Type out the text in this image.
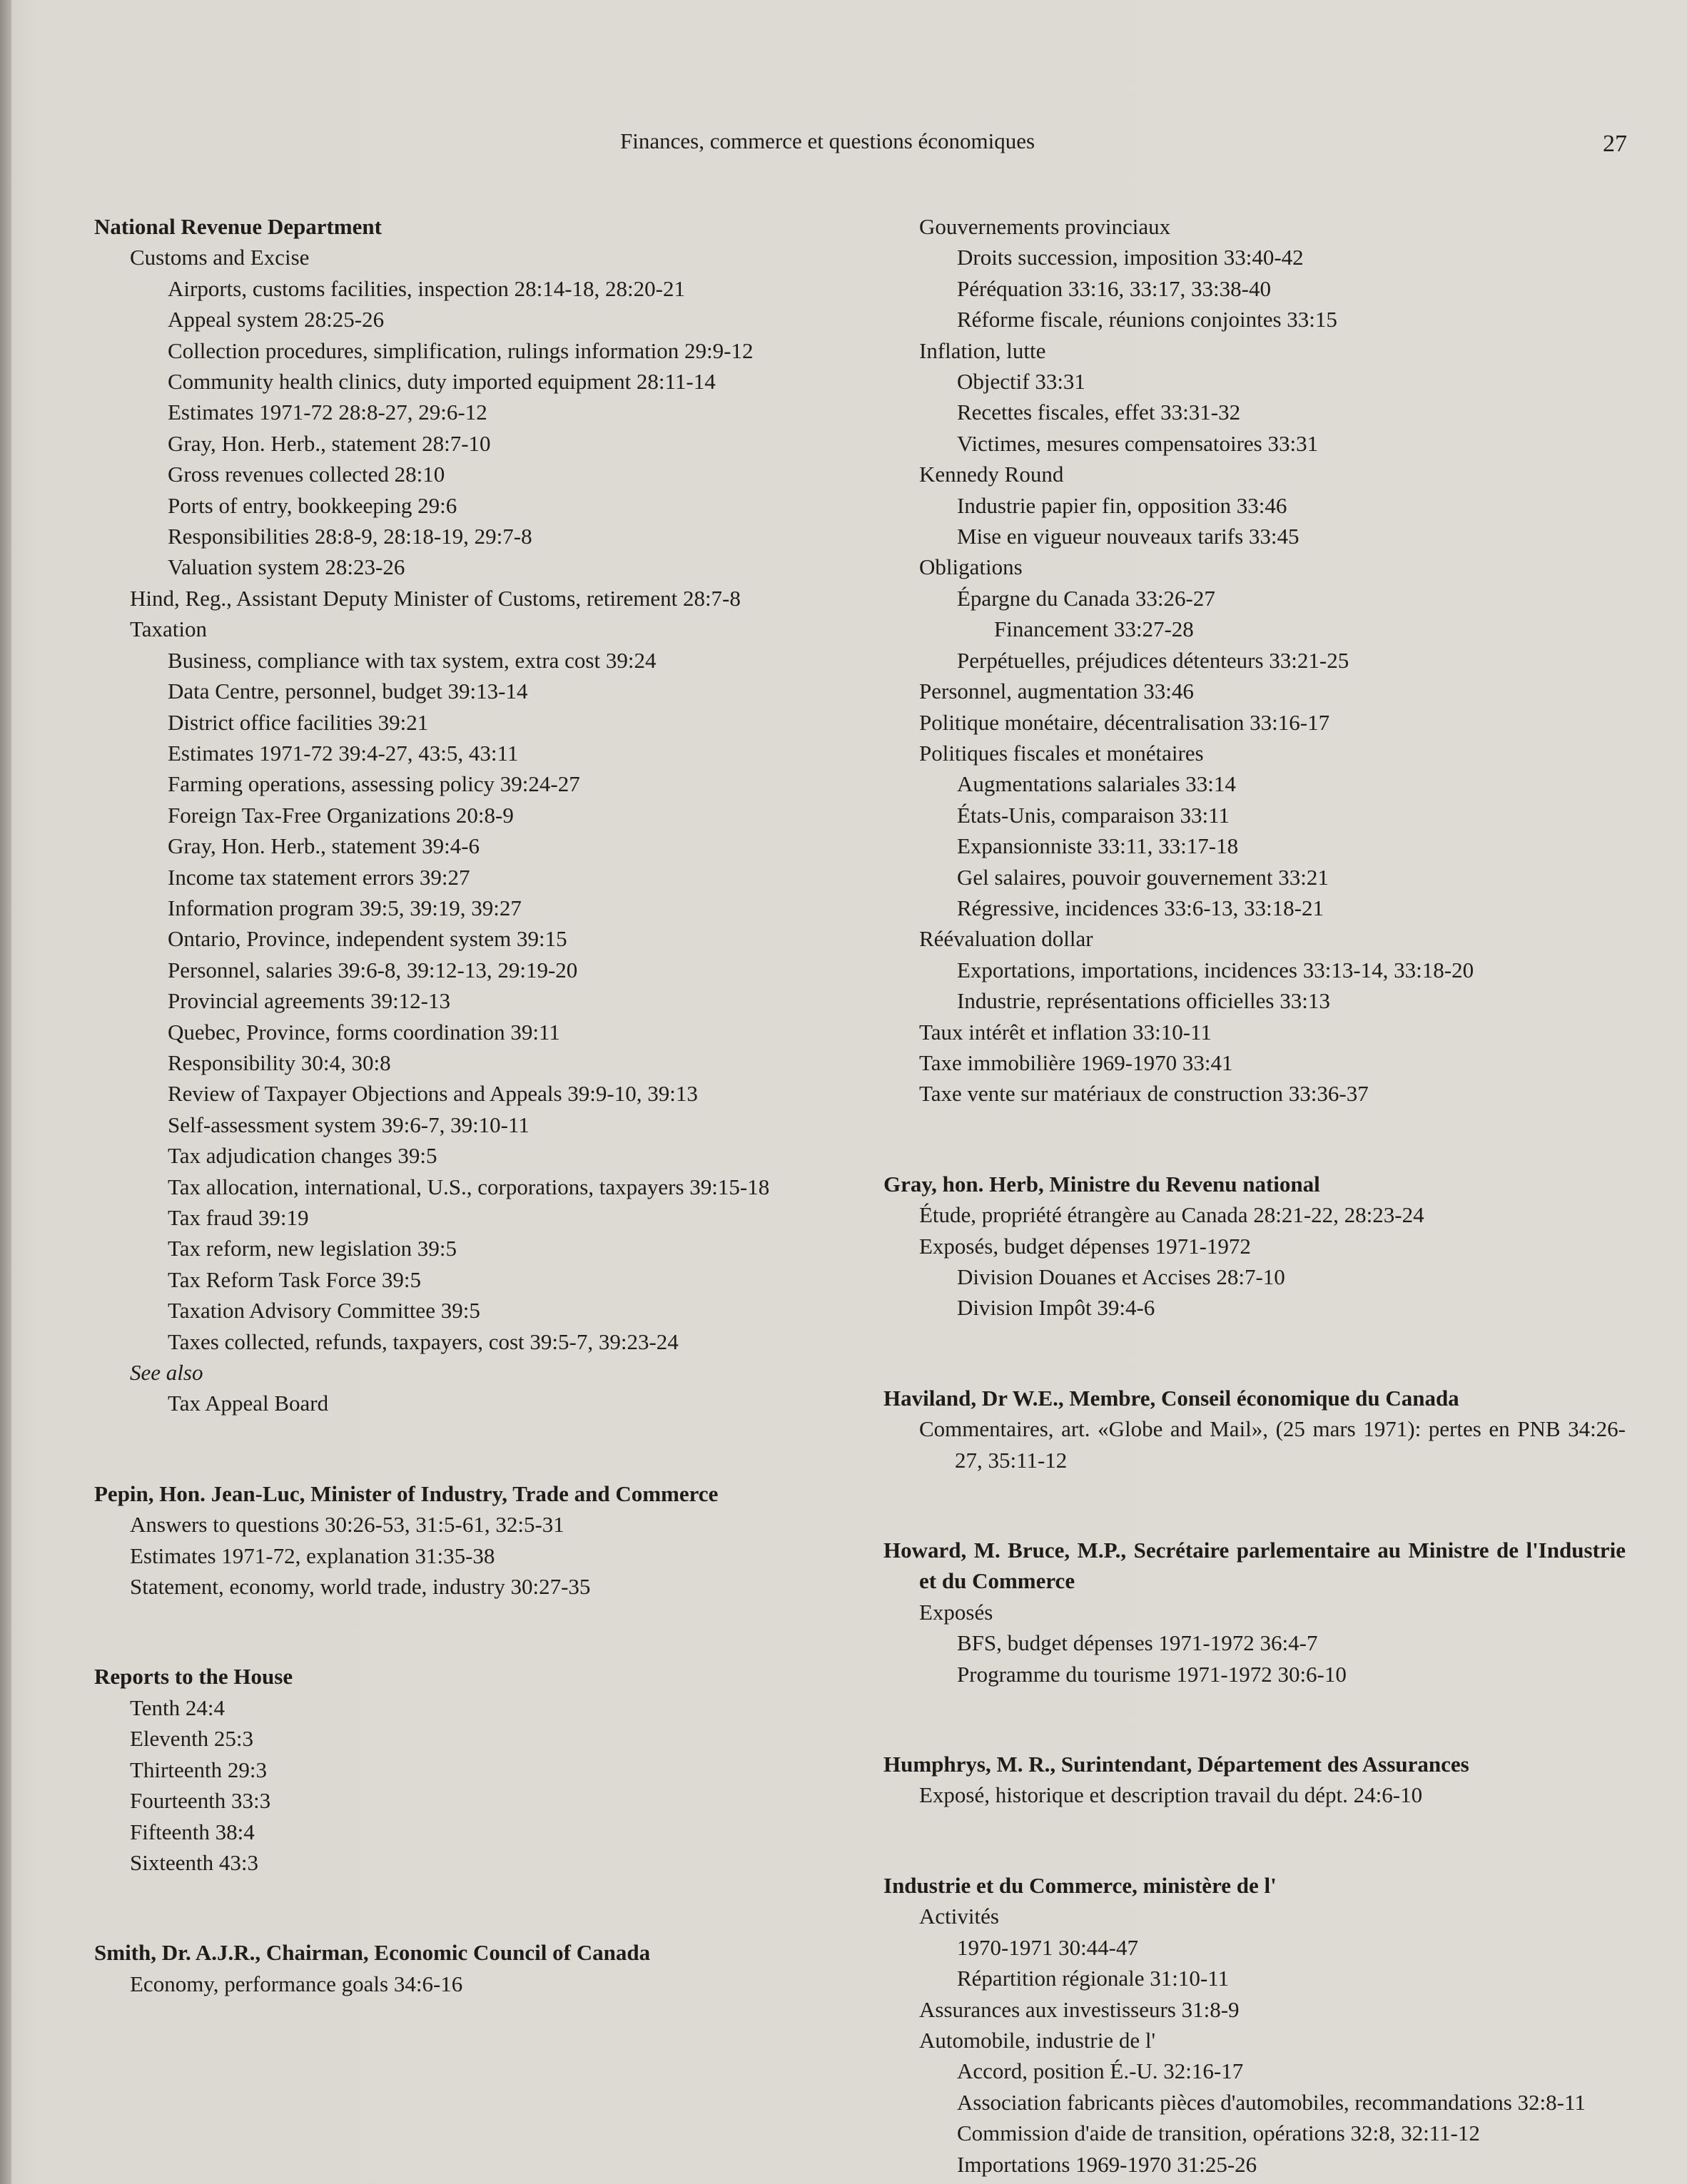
Finances, commerce et questions économiques	27
National Revenue Department
Customs and Excise
Airports, customs facilities, inspection 28:14-18, 28:20-21
Appeal system 28:25-26
Collection procedures, simplification, rulings information 29:9-12
Community health clinics, duty imported equipment 28:11-14
Estimates 1971-72 28:8-27, 29:6-12
Gray, Hon. Herb., statement 28:7-10
Gross revenues collected 28:10
Ports of entry, bookkeeping 29:6
Responsibilities 28:8-9, 28:18-19, 29:7-8
Valuation system 28:23-26
Hind, Reg., Assistant Deputy Minister of Customs, retirement 28:7-8
Taxation
Business, compliance with tax system, extra cost 39:24
Data Centre, personnel, budget 39:13-14
District office facilities 39:21
Estimates 1971-72 39:4-27, 43:5, 43:11
Farming operations, assessing policy 39:24-27
Foreign Tax-Free Organizations 20:8-9
Gray, Hon. Herb., statement 39:4-6
Income tax statement errors 39:27
Information program 39:5, 39:19, 39:27
Ontario, Province, independent system 39:15
Personnel, salaries 39:6-8, 39:12-13, 29:19-20
Provincial agreements 39:12-13
Quebec, Province, forms coordination 39:11
Responsibility 30:4, 30:8
Review of Taxpayer Objections and Appeals 39:9-10, 39:13
Self-assessment system 39:6-7, 39:10-11
Tax adjudication changes 39:5
Tax allocation, international, U.S., corporations, taxpayers 39:15-18
Tax fraud 39:19
Tax reform, new legislation 39:5
Tax Reform Task Force 39:5
Taxation Advisory Committee 39:5
Taxes collected, refunds, taxpayers, cost 39:5-7, 39:23-24
See also
Tax Appeal Board
Pepin, Hon. Jean-Luc, Minister of Industry, Trade and Commerce
Answers to questions 30:26-53, 31:5-61, 32:5-31
Estimates 1971-72, explanation 31:35-38
Statement, economy, world trade, industry 30:27-35
Reports to the House
Tenth 24:4
Eleventh 25:3
Thirteenth 29:3
Fourteenth 33:3
Fifteenth 38:4
Sixteenth 43:3
Smith, Dr. A.J.R., Chairman, Economic Council of Canada
Economy, performance goals 34:6-16
Gouvernements provinciaux
Droits succession, imposition 33:40-42
Péréquation 33:16, 33:17, 33:38-40
Réforme fiscale, réunions conjointes 33:15
Inflation, lutte
Objectif 33:31
Recettes fiscales, effet 33:31-32
Victimes, mesures compensatoires 33:31
Kennedy Round
Industrie papier fin, opposition 33:46
Mise en vigueur nouveaux tarifs 33:45
Obligations
Épargne du Canada 33:26-27
Financement 33:27-28
Perpétuelles, préjudices détenteurs 33:21-25
Personnel, augmentation 33:46
Politique monétaire, décentralisation 33:16-17
Politiques fiscales et monétaires
Augmentations salariales 33:14
États-Unis, comparaison 33:11
Expansionniste 33:11, 33:17-18
Gel salaires, pouvoir gouvernement 33:21
Régressive, incidences 33:6-13, 33:18-21
Réévaluation dollar
Exportations, importations, incidences 33:13-14, 33:18-20
Industrie, représentations officielles 33:13
Taux intérêt et inflation 33:10-11
Taxe immobilière 1969-1970 33:41
Taxe vente sur matériaux de construction 33:36-37
Gray, hon. Herb, Ministre du Revenu national
Étude, propriété étrangère au Canada 28:21-22, 28:23-24
Exposés, budget dépenses 1971-1972
Division Douanes et Accises 28:7-10
Division Impôt 39:4-6
Haviland, Dr W.E., Membre, Conseil économique du Canada
Commentaires, art. «Globe and Mail», (25 mars 1971): pertes en PNB 34:26-27, 35:11-12
Howard, M. Bruce, M.P., Secrétaire parlementaire au Ministre de l'Industrie et du Commerce
Exposés
BFS, budget dépenses 1971-1972 36:4-7
Programme du tourisme 1971-1972 30:6-10
Humphrys, M. R., Surintendant, Département des Assurances
Exposé, historique et description travail du dépt. 24:6-10
Industrie et du Commerce, ministère de l'
Activités
1970-1971 30:44-47
Répartition régionale 31:10-11
Assurances aux investisseurs 31:8-9
Automobile, industrie de l'
Accord, position É.-U. 32:16-17
Association fabricants pièces d'automobiles, recommandations 32:8-11
Commission d'aide de transition, opérations 32:8, 32:11-12
Importations 1969-1970 31:25-26
